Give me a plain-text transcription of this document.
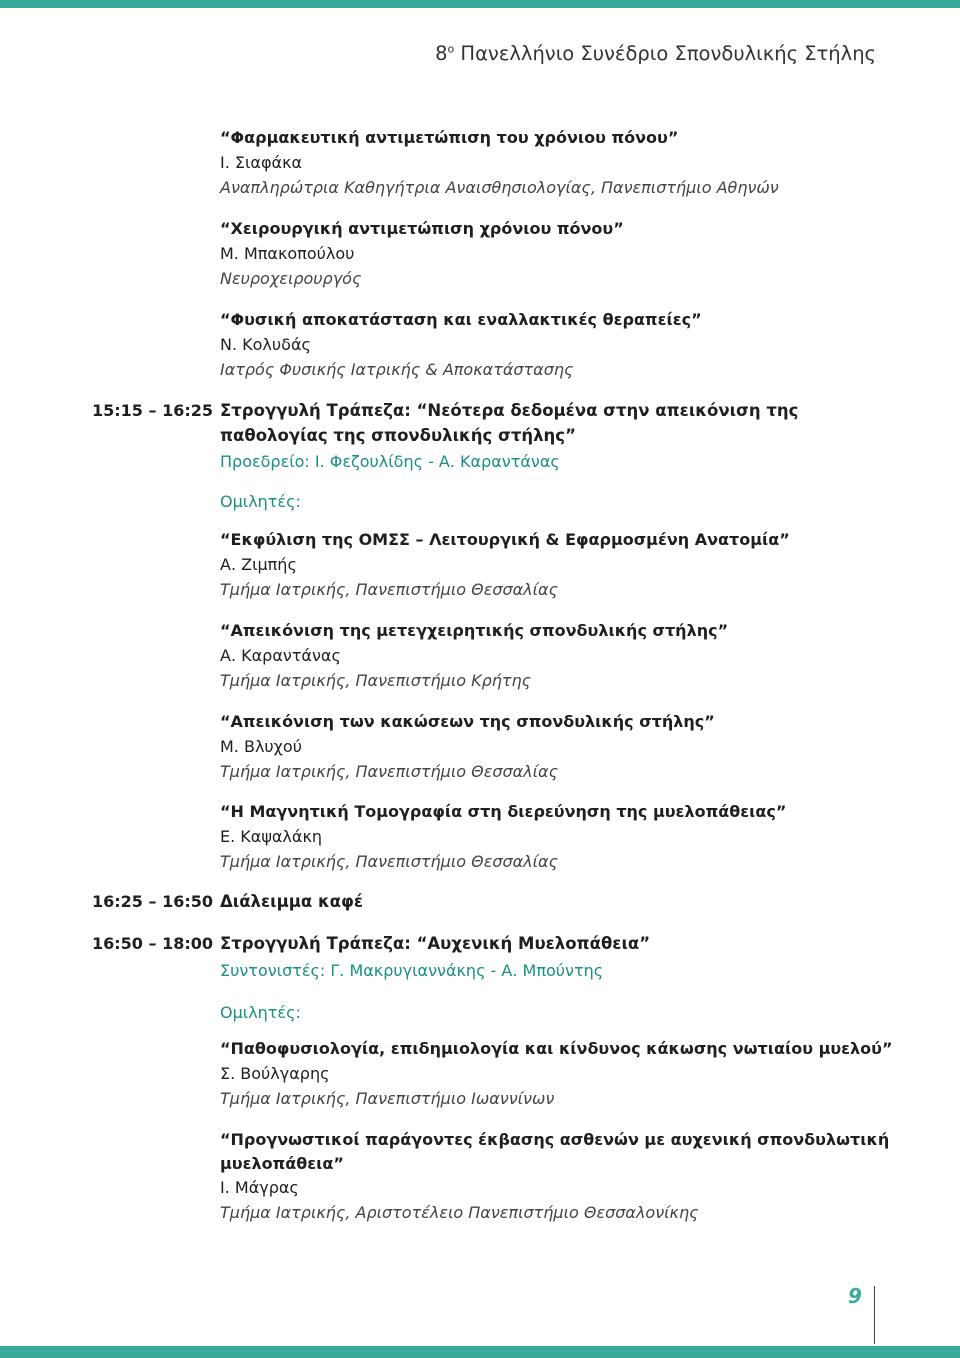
$8^o$ Πανελλήνιο Συνέδριο Σπονδυλικής Στήλης
“Φαρμακευτική αντιμετώπιση του χρόνιου πόνου”
Ι. Σιαφάκα
Αναπληρώτρια Καθηγήτρια Αναισθησιολογίας, Πανεπιστήμιο Αθηνών
“Χειρουργική αντιμετώπιση χρόνιου πόνου”
Μ. Μπακοπούλου
Νευροχειρουργός
“Φυσική αποκατάσταση και εναλλακτικές θεραπείες”
Ν. Κολυδάς
Ιατρός Φυσικής Ιατρικής & Αποκατάστασης
15:15 – 16:25 Στρογγυλή Τράπεζα: “Νεότερα δεδομένα στην απεικόνιση της
παθολογίας της σπονδυλικής στήλης”
Προεδρείο: Ι. Φεζουλίδης - Α. Καραντάνας
Ομιλητές:
“Εκφύλιση της ΟΜΣΣ – Λειτουργική & Εφαρμοσμένη Ανατομία”
Α. Ζιμπής
Τμήμα Ιατρικής, Πανεπιστήμιο Θεσσαλίας
“Απεικόνιση της μετεγχειρητικής σπονδυλικής στήλης”
Α. Καραντάνας
Τμήμα Ιατρικής, Πανεπιστήμιο Κρήτης
“Απεικόνιση των κακώσεων της σπονδυλικής στήλης”
Μ. Βλυχού
Τμήμα Ιατρικής, Πανεπιστήμιο Θεσσαλίας
“Η Μαγνητική Τομογραφία στη διερεύνηση της μυελοπάθειας”
Ε. Καψαλάκη
Τμήμα Ιατρικής, Πανεπιστήμιο Θεσσαλίας
16:25 – 16:50 Διάλειμμα καφέ
16:50 – 18:00 Στρογγυλή Τράπεζα: “Αυχενική Μυελοπάθεια”
Συντονιστές: Γ. Μακρυγιαννάκης - Α. Μπούντης
Ομιλητές:
“Παθοφυσιολογία, επιδημιολογία και κίνδυνος κάκωσης νωτιαίου μυελού”
Σ. Βούλγαρης
Τμήμα Ιατρικής, Πανεπιστήμιο Ιωαννίνων
“Προγνωστικοί παράγοντες έκβασης ασθενών με αυχενική σπονδυλωτική
μυελοπάθεια”
Ι. Μάγρας
Τμήμα Ιατρικής, Αριστοτέλειο Πανεπιστήμιο Θεσσαλονίκης
9
